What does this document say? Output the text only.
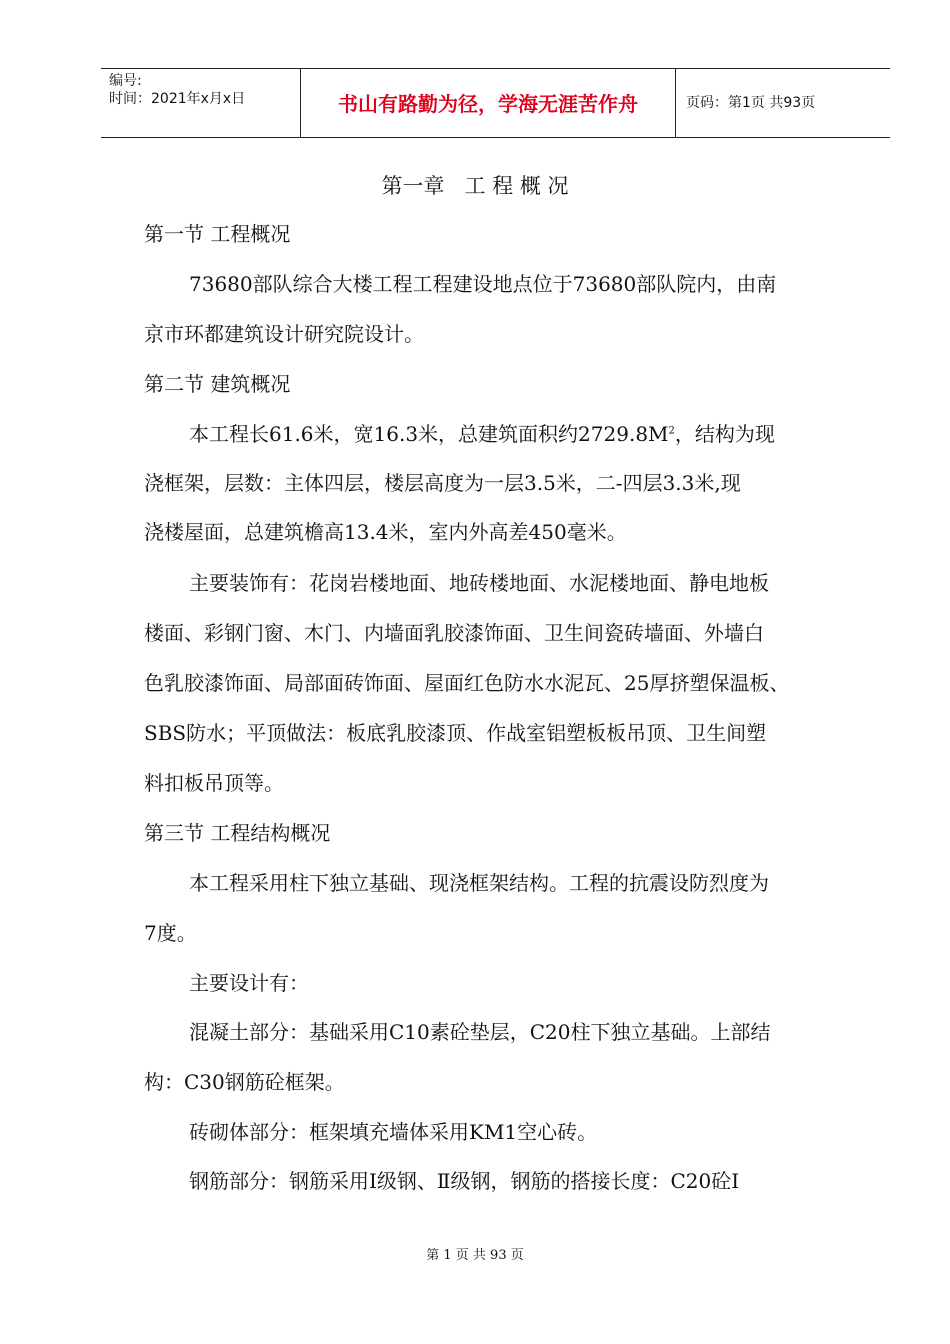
编号:
时间：2021年x月x日	书山有路勤为径，学海无涯苦作舟	页码：第1页 共93页
第一章   工 程 概 况
第一节 工程概况
73680部队综合大楼工程工程建设地点位于73680部队院内，由南
京市环都建筑设计研究院设计。
第二节 建筑概况
本工程长61.6米，宽16.3米，总建筑面积约$2729.8M^2$，结构为现
浇框架，层数：主体四层，楼层高度为一层3.5米，二-四层3.3米,现
浇楼屋面，总建筑檐高13.4米，室内外高差450毫米。
主要装饰有：花岗岩楼地面、地砖楼地面、水泥楼地面、静电地板
楼面、彩钢门窗、木门、内墙面乳胶漆饰面、卫生间瓷砖墙面、外墙白
色乳胶漆饰面、局部面砖饰面、屋面红色防水水泥瓦、25厚挤塑保温板、
SBS防水；平顶做法：板底乳胶漆顶、作战室铝塑板板吊顶、卫生间塑
料扣板吊顶等。
第三节 工程结构概况
本工程采用柱下独立基础、现浇框架结构。工程的抗震设防烈度为
7度。
主要设计有：
混凝土部分：基础采用C10素砼垫层，C20柱下独立基础。上部结
构：C30钢筋砼框架。
砖砌体部分：框架填充墙体采用KM1空心砖。
钢筋部分：钢筋采用Ⅰ级钢、Ⅱ级钢，钢筋的搭接长度：C20砼Ⅰ
第 1 页 共 93 页
